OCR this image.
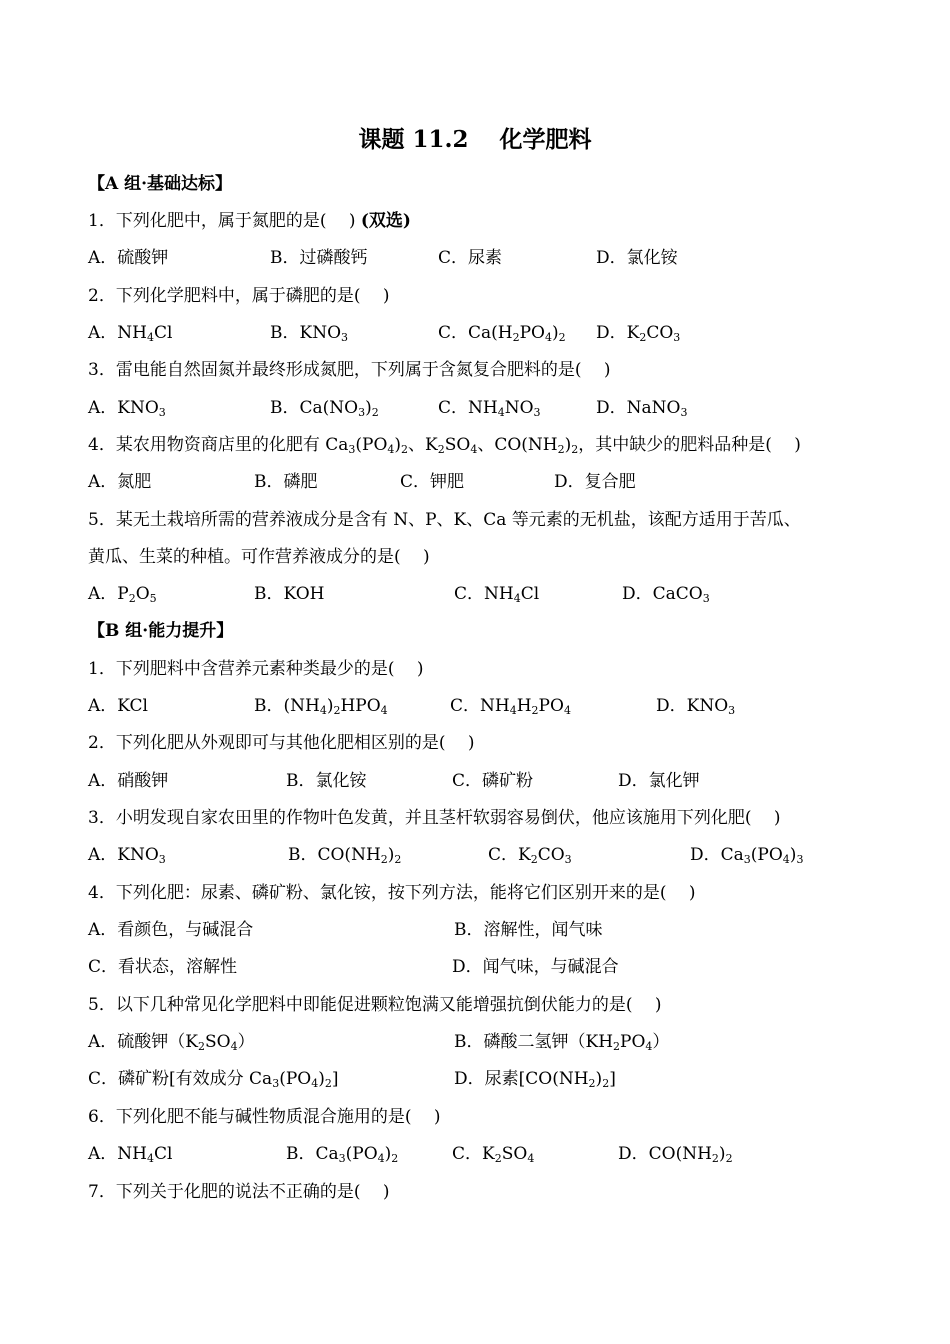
课题 11.2　 化学肥料
【A 组·基础达标】
1．下列化肥中，属于氮肥的是(　 ) (双选)
A．硫酸钾	B．过磷酸钙	C．尿素	D．氯化铵
2．下列化学肥料中，属于磷肥的是(　 )
A．$NH_4Cl$	B．$KNO_3$	C．$Ca(H_2PO_4)_2$ D．$K_2CO_3$
3．雷电能自然固氮并最终形成氮肥，下列属于含氮复合肥料的是(　 )
A．$KNO_3$	B．$Ca(NO_3)_2$	C．$NH_4NO_3$	D．NaNO$_3$
4．某农用物资商店里的化肥有 $Ca_3(PO_4)_2$、$K_2SO_4$、$CO(NH_2)_2$，其中缺少的肥料品种是(　 )
A．氮肥	B．磷肥	C．钾肥	D．复合肥
5．某无土栽培所需的营养液成分是含有 N、P、K、Ca 等元素的无机盐，该配方适用于苦瓜、
黄瓜、生菜的种植。可作营养液成分的是(　 )
A．$P_2O_5$	B．KOH	C．$NH_4Cl$	D．CaCO$_3$
【B 组·能力提升】
1．下列肥料中含营养元素种类最少的是(　 )
A．KCl	B．$(NH_4)_2HPO_4$	C．$NH_4H_2PO_4$	D．$KNO_3$
2．下列化肥从外观即可与其他化肥相区别的是(　 )
A．硝酸钾	B．氯化铵	C．磷矿粉	D．氯化钾
3．小明发现自家农田里的作物叶色发黄，并且茎杆软弱容易倒伏，他应该施用下列化肥(　 )
A．$KNO_3$	B．$CO(NH_2)_2$	C．$K_2CO_3$	D．$Ca_3(PO_4)_3$
4．下列化肥：尿素、磷矿粉、氯化铵，按下列方法，能将它们区别开来的是(　 )
A．看颜色，与碱混合	B．溶解性，闻气味
C．看状态，溶解性	D．闻气味，与碱混合
5．以下几种常见化学肥料中即能促进颗粒饱满又能增强抗倒伏能力的是(　 )
A．硫酸钾$(K_2SO_4)$	B．磷酸二氢钾$(KH_2PO_4)$
C．磷矿粉[有效成分 $Ca_3(PO_4)_2$]	D．尿素$[CO(NH_2)_2]$
6．下列化肥不能与碱性物质混合施用的是(　 )
A．$NH_4Cl$	B．$Ca_3(PO_4)_2$	C．$K_2SO_4$	D．$CO(NH_2)_2$
7．下列关于化肥的说法不正确的是(　 )
